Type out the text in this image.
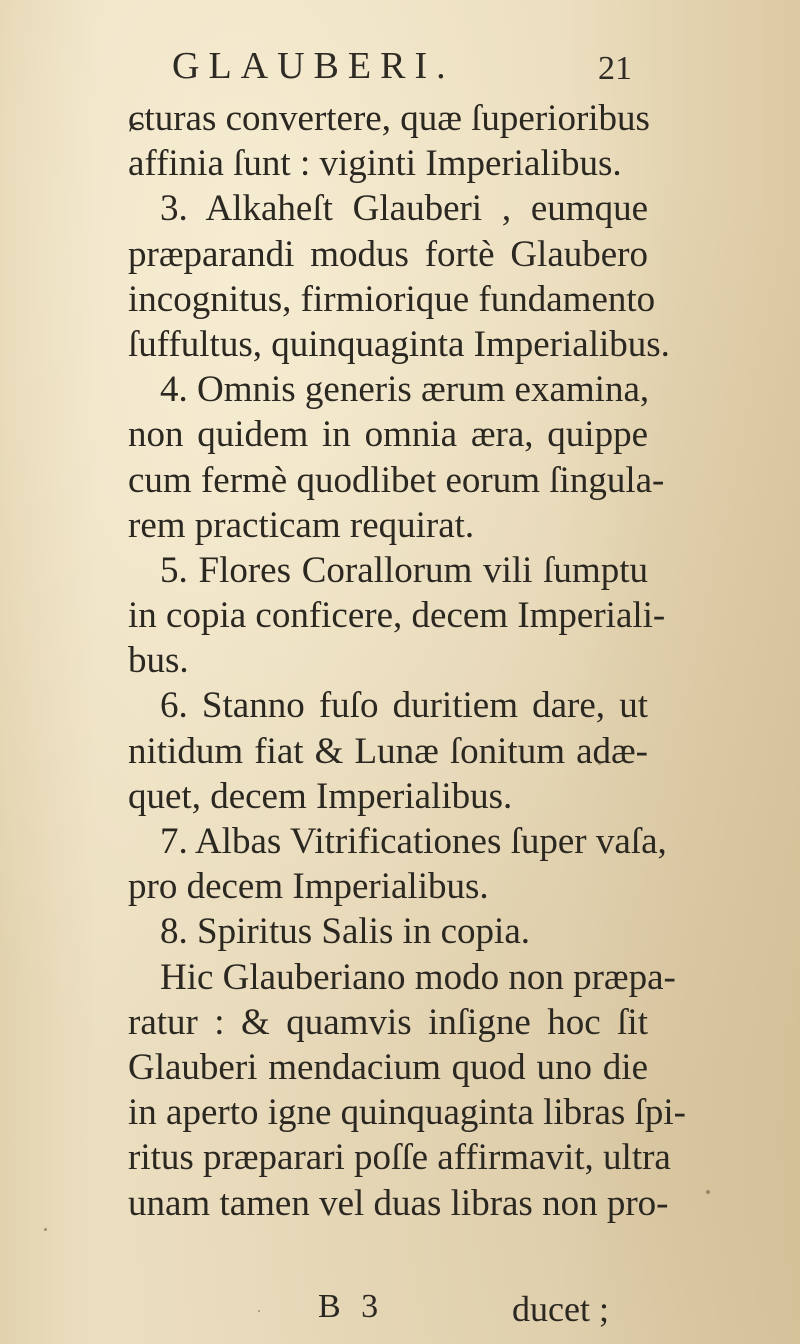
GLAUBERI.	21
ɕturas convertere, quæ ſuperioribus
affinia ſunt : viginti Imperialibus.
3. Alkaheſt Glauberi , eumque
præparandi modus fortè Glaubero
incognitus, firmiorique fundamento
ſuffultus, quinquaginta Imperialibus.
4. Omnis generis ærum examina,
non quidem in omnia æra, quippe
cum fermè quodlibet eorum ſingula-
rem practicam requirat.
5. Flores Corallorum vili ſumptu
in copia conficere, decem Imperiali-
bus.
6. Stanno fuſo duritiem dare, ut
nitidum fiat & Lunæ ſonitum adæ-
quet, decem Imperialibus.
7. Albas Vitrificationes ſuper vaſa,
pro decem Imperialibus.
8. Spiritus Salis in copia.
Hic Glauberiano modo non præpa-
ratur : & quamvis inſigne hoc ſit
Glauberi mendacium quod uno die
in aperto igne quinquaginta libras ſpi-
ritus præparari poſſe affirmavit, ultra
unam tamen vel duas libras non pro-
B 3	ducet ;
